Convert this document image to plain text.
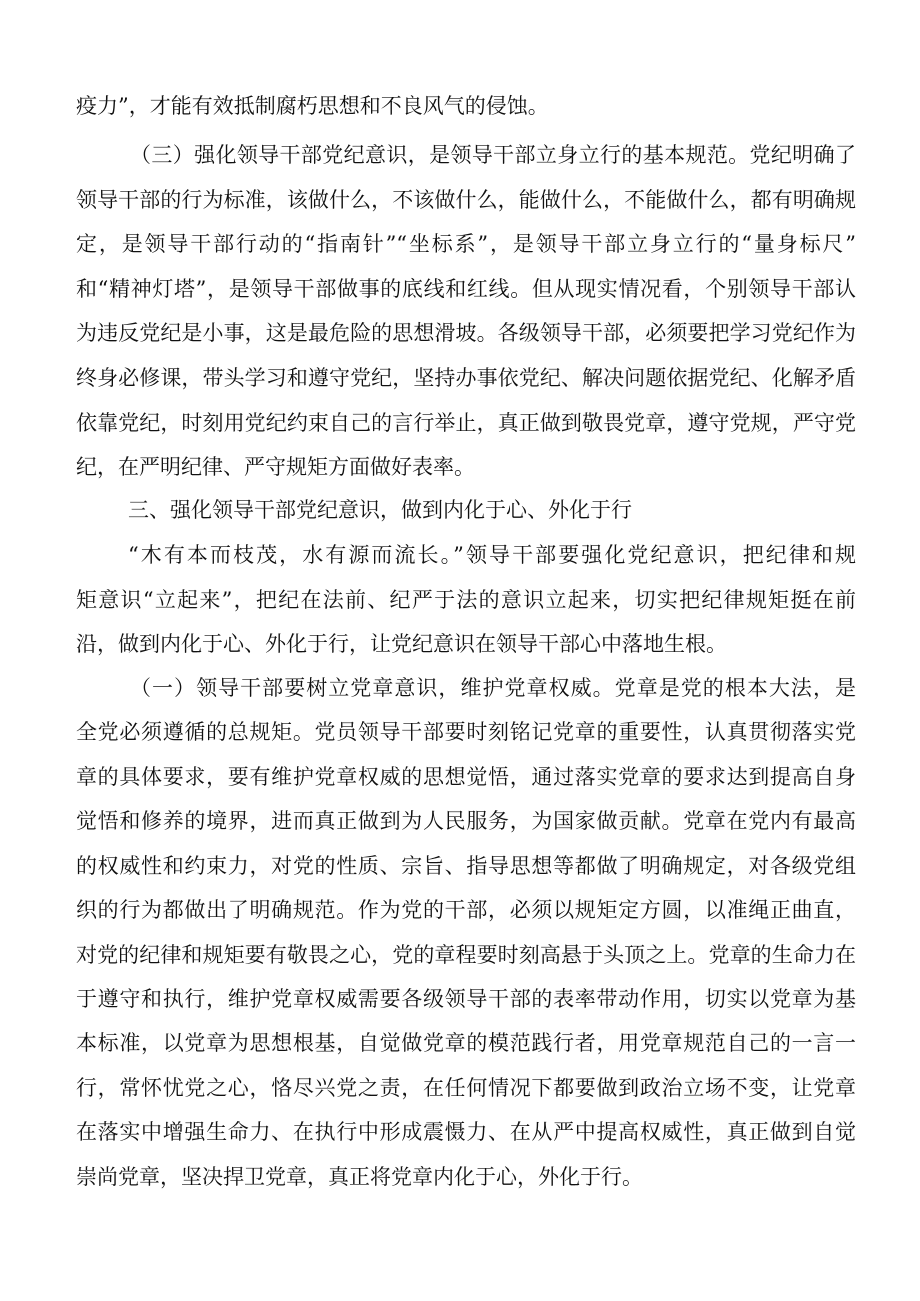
疫力”，才能有效抵制腐朽思想和不良风气的侵蚀。
（三）强化领导干部党纪意识，是领导干部立身立行的基本规范。党纪明确了
领导干部的行为标准，该做什么，不该做什么，能做什么，不能做什么，都有明确规
定，是领导干部行动的“指南针”“坐标系”，是领导干部立身立行的“量身标尺”
和“精神灯塔”，是领导干部做事的底线和红线。但从现实情况看，个别领导干部认
为违反党纪是小事，这是最危险的思想滑坡。各级领导干部，必须要把学习党纪作为
终身必修课，带头学习和遵守党纪，坚持办事依党纪、解决问题依据党纪、化解矛盾
依靠党纪，时刻用党纪约束自己的言行举止，真正做到敬畏党章，遵守党规，严守党
纪，在严明纪律、严守规矩方面做好表率。
三、强化领导干部党纪意识，做到内化于心、外化于行
“木有本而枝茂，水有源而流长。”领导干部要强化党纪意识，把纪律和规
矩意识“立起来”，把纪在法前、纪严于法的意识立起来，切实把纪律规矩挺在前
沿，做到内化于心、外化于行，让党纪意识在领导干部心中落地生根。
（一）领导干部要树立党章意识，维护党章权威。党章是党的根本大法，是
全党必须遵循的总规矩。党员领导干部要时刻铭记党章的重要性，认真贯彻落实党
章的具体要求，要有维护党章权威的思想觉悟，通过落实党章的要求达到提高自身
觉悟和修养的境界，进而真正做到为人民服务，为国家做贡献。党章在党内有最高
的权威性和约束力，对党的性质、宗旨、指导思想等都做了明确规定，对各级党组
织的行为都做出了明确规范。作为党的干部，必须以规矩定方圆，以准绳正曲直，
对党的纪律和规矩要有敬畏之心，党的章程要时刻高悬于头顶之上。党章的生命力在
于遵守和执行，维护党章权威需要各级领导干部的表率带动作用，切实以党章为基
本标准，以党章为思想根基，自觉做党章的模范践行者，用党章规范自己的一言一
行，常怀忧党之心，恪尽兴党之责，在任何情况下都要做到政治立场不变，让党章
在落实中增强生命力、在执行中形成震慑力、在从严中提高权威性，真正做到自觉
崇尚党章，坚决捍卫党章，真正将党章内化于心，外化于行。
